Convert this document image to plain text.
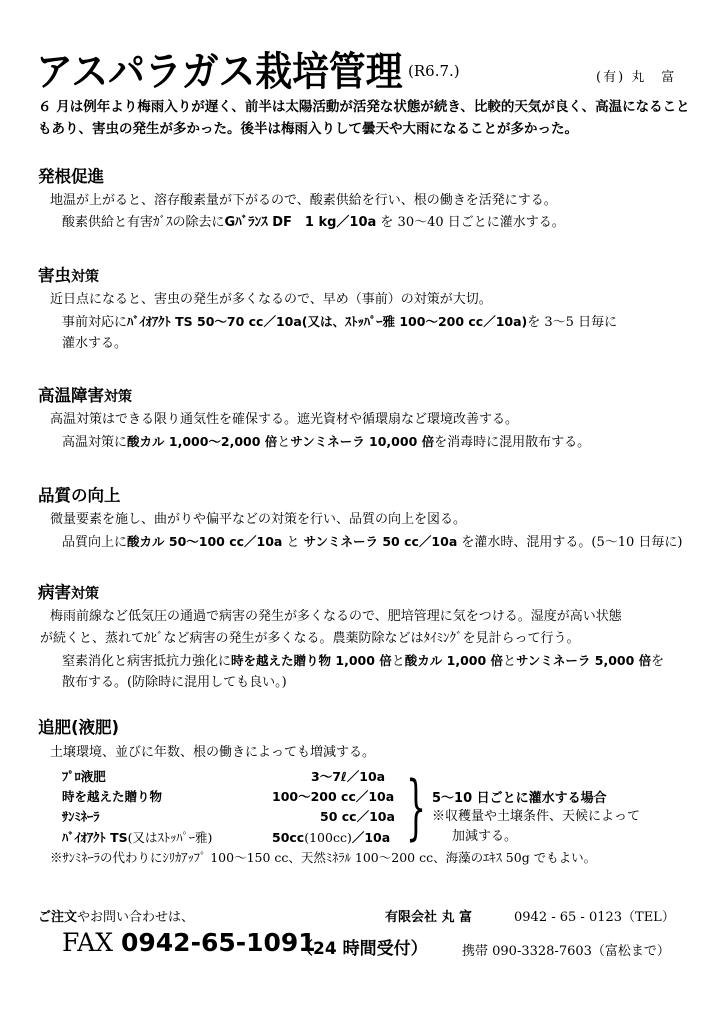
アスパラガス栽培管理 (R6.7.)	(有) 丸　富
６ 月は例年より梅雨入りが遅く、前半は太陽活動が活発な状態が続き、比較的天気が良く、高温になることもあり、害虫の発生が多かった。後半は梅雨入りして曇天や大雨になることが多かった。
発根促進
地温が上がると、溶存酸素量が下がるので、酸素供給を行い、根の働きを活発にする。
酸素供給と有害ｶﾞｽの除去にGﾊﾞﾗﾝｽ DF　1 kg／10a を 30～40 日ごとに灌水する。
害虫対策
近日点になると、害虫の発生が多くなるので、早め（事前）の対策が大切。
事前対応にﾊﾞｲｵｱｸﾄ TS 50～70 cc／10a(又は、ｽﾄｯﾊﾟｰ雅 100～200 cc／10a)を 3～5 日毎に
灌水する。
高温障害対策
高温対策はできる限り通気性を確保する。遮光資材や循環扇など環境改善する。
高温対策に酸カル 1,000～2,000 倍とサンミネーラ 10,000 倍を消毒時に混用散布する。
品質の向上
微量要素を施し、曲がりや偏平などの対策を行い、品質の向上を図る。
品質向上に酸カル 50～100 cc／10a と サンミネーラ 50 cc／10a を灌水時、混用する。(5～10 日毎に)
病害対策
梅雨前線など低気圧の通過で病害の発生が多くなるので、肥培管理に気をつける。湿度が高い状態
が続くと、蒸れてｶﾋﾞなど病害の発生が多くなる。農薬防除などはﾀｲﾐﾝｸﾞを見計らって行う。
窒素消化と病害抵抗力強化に時を越えた贈り物 1,000 倍と酸カル 1,000 倍とサンミネーラ 5,000 倍を
散布する。(防除時に混用しても良い。)
追肥(液肥)
土壌環境、並びに年数、根の働きによっても増減する。
ﾌﾟﾛ液肥	3～7ℓ／10a
時を越えた贈り物	100～200 cc／10a
ｻﾝﾐﾈｰﾗ	50 cc／10a
ﾊﾞｲｵｱｸﾄ TS(又はｽﾄｯﾊﾟｰ雅)	50cc(100cc)／10a } 5～10 日ごとに灌水する場合
※収穫量や土壌条件、天候によって
加減する。
※ｻﾝﾐﾈｰﾗの代わりにｼﾘｶｱｯﾌﾟ 100～150 cc、天然ﾐﾈﾗﾙ 100～200 cc、海藻のｴｷｽ 50g でもよい。
ご注文やお問い合わせは、	有限会社 丸 富	0942 - 65 - 0123（TEL）
FAX 0942-65-1091
（24 時間受付）	携帯 090-3328-7603（富松まで）
